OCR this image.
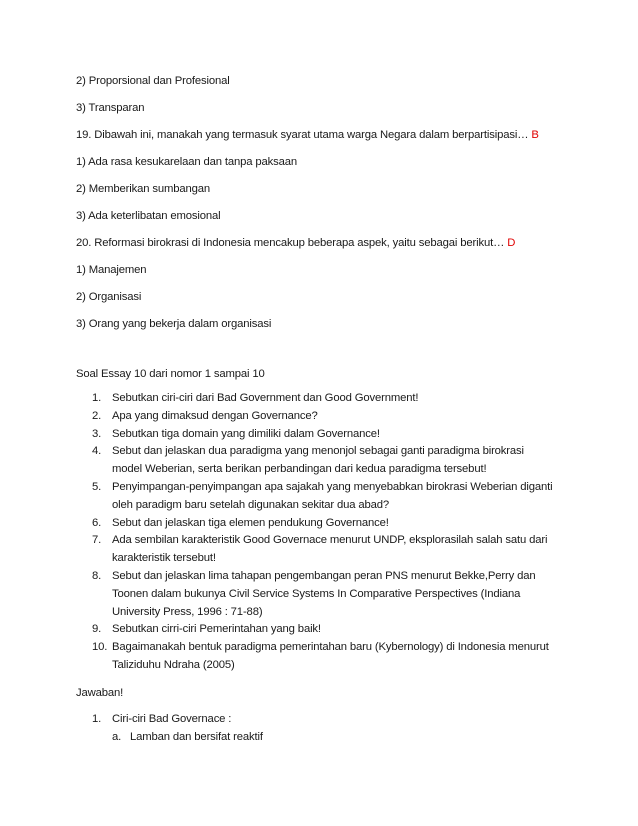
2) Proporsional dan Profesional
3) Transparan
19. Dibawah ini, manakah yang termasuk syarat utama warga Negara dalam berpartisipasi… B
1) Ada rasa kesukarelaan dan tanpa paksaan
2) Memberikan sumbangan
3) Ada keterlibatan emosional
20. Reformasi birokrasi di Indonesia mencakup beberapa aspek, yaitu sebagai berikut… D
1) Manajemen
2) Organisasi
3) Orang yang bekerja dalam organisasi
Soal Essay 10 dari nomor 1 sampai 10
1. Sebutkan ciri-ciri dari Bad Government dan Good Government!
2. Apa yang dimaksud dengan Governance?
3. Sebutkan tiga domain yang dimiliki dalam Governance!
4. Sebut dan jelaskan dua paradigma yang menonjol sebagai ganti paradigma birokrasi model Weberian, serta berikan perbandingan dari kedua paradigma tersebut!
5. Penyimpangan-penyimpangan apa sajakah yang menyebabkan birokrasi Weberian diganti oleh paradigm baru setelah digunakan sekitar dua abad?
6. Sebut dan jelaskan tiga elemen pendukung Governance!
7. Ada sembilan karakteristik Good Governace menurut UNDP, eksplorasilah salah satu dari karakteristik tersebut!
8. Sebut dan jelaskan lima tahapan pengembangan peran PNS menurut Bekke,Perry dan Toonen dalam bukunya Civil Service Systems In Comparative Perspectives (Indiana University Press, 1996 : 71-88)
9. Sebutkan cirri-ciri Pemerintahan yang baik!
10. Bagaimanakah bentuk paradigma pemerintahan baru (Kybernology) di Indonesia menurut Taliziduhu Ndraha (2005)
Jawaban!
1. Ciri-ciri Bad Governace :
a. Lamban dan bersifat reaktif
